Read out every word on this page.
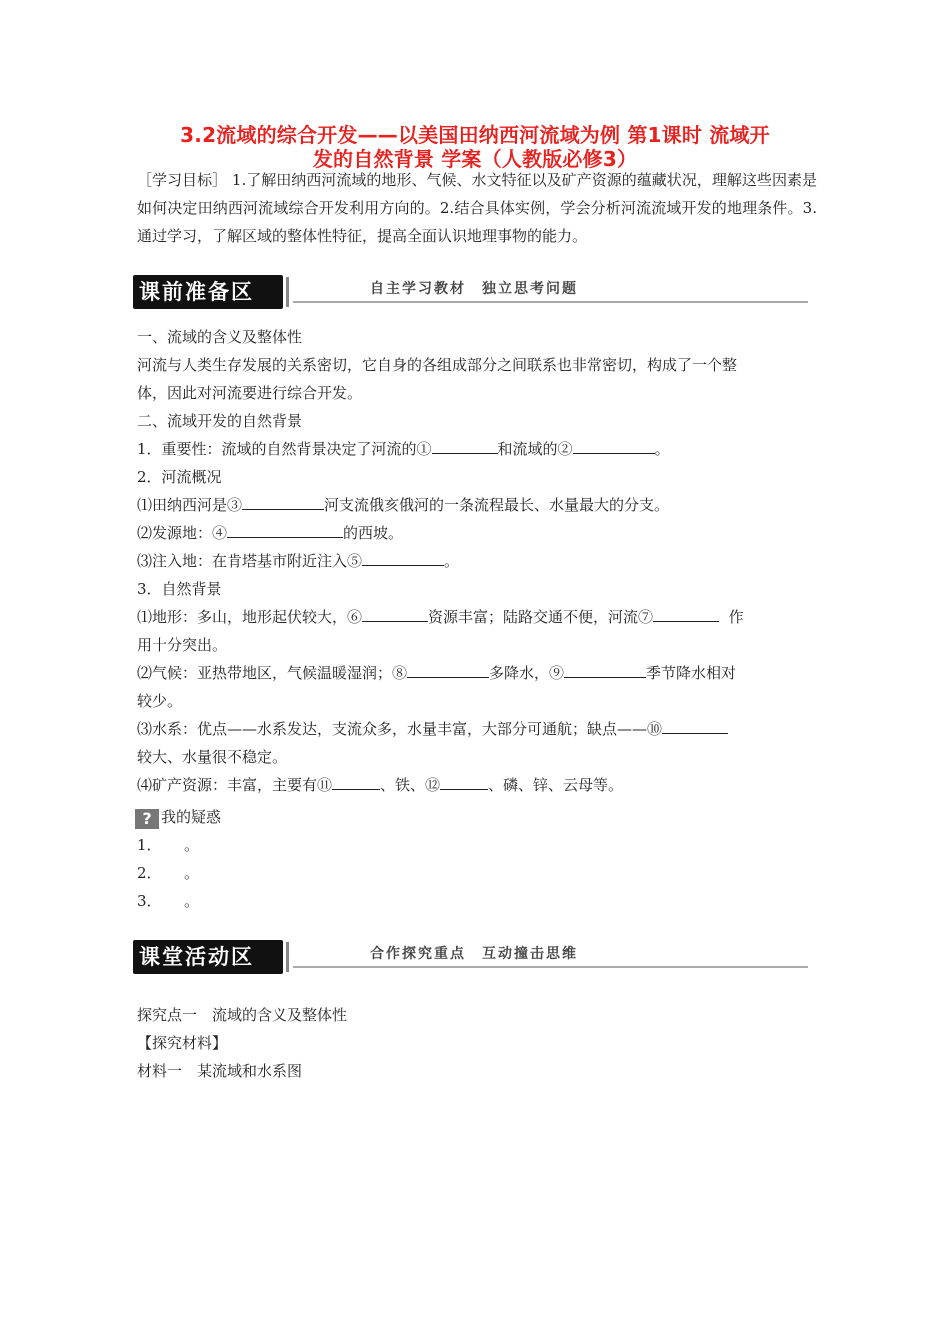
3.2流域的综合开发——以美国田纳西河流域为例 第1课时 流域开
发的自然背景 学案（人教版必修3）
［学习目标］ 1.了解田纳西河流域的地形、气候、水文特征以及矿产资源的蕴藏状况，理解这些因素是如何决定田纳西河流域综合开发利用方向的。2.结合具体实例，学会分析河流流域开发的地理条件。3.通过学习，了解区域的整体性特征，提高全面认识地理事物的能力。
课前准备区	自主学习教材　独立思考问题
一、流域的含义及整体性
河流与人类生存发展的关系密切，它自身的各组成部分之间联系也非常密切，构成了一个整
体，因此对河流要进行综合开发。
二、流域开发的自然背景
1．重要性：流域的自然背景决定了河流的①	和流域的②	。
2．河流概况
⑴田纳西河是③	河支流俄亥俄河的一条流程最长、水量最大的分支。
⑵发源地：④	的西坡。
⑶注入地：在肯塔基市附近注入⑤	。
3．自然背景
⑴地形：多山，地形起伏较大，⑥	资源丰富；陆路交通不便，河流⑦	作
用十分突出。
⑵气候：亚热带地区，气候温暖湿润；⑧	多降水，⑨	季节降水相对
较少。
⑶水系：优点——水系发达，支流众多，水量丰富，大部分可通航；缺点——⑩
较大、水量很不稳定。
⑷矿产资源：丰富，主要有⑪	、铁、⑫	、磷、锌、云母等。
? 我的疑惑
1．　　。
2．　　。
3．　　。
课堂活动区	合作探究重点　互动撞击思维
探究点一　流域的含义及整体性
【探究材料】
材料一　某流域和水系图
